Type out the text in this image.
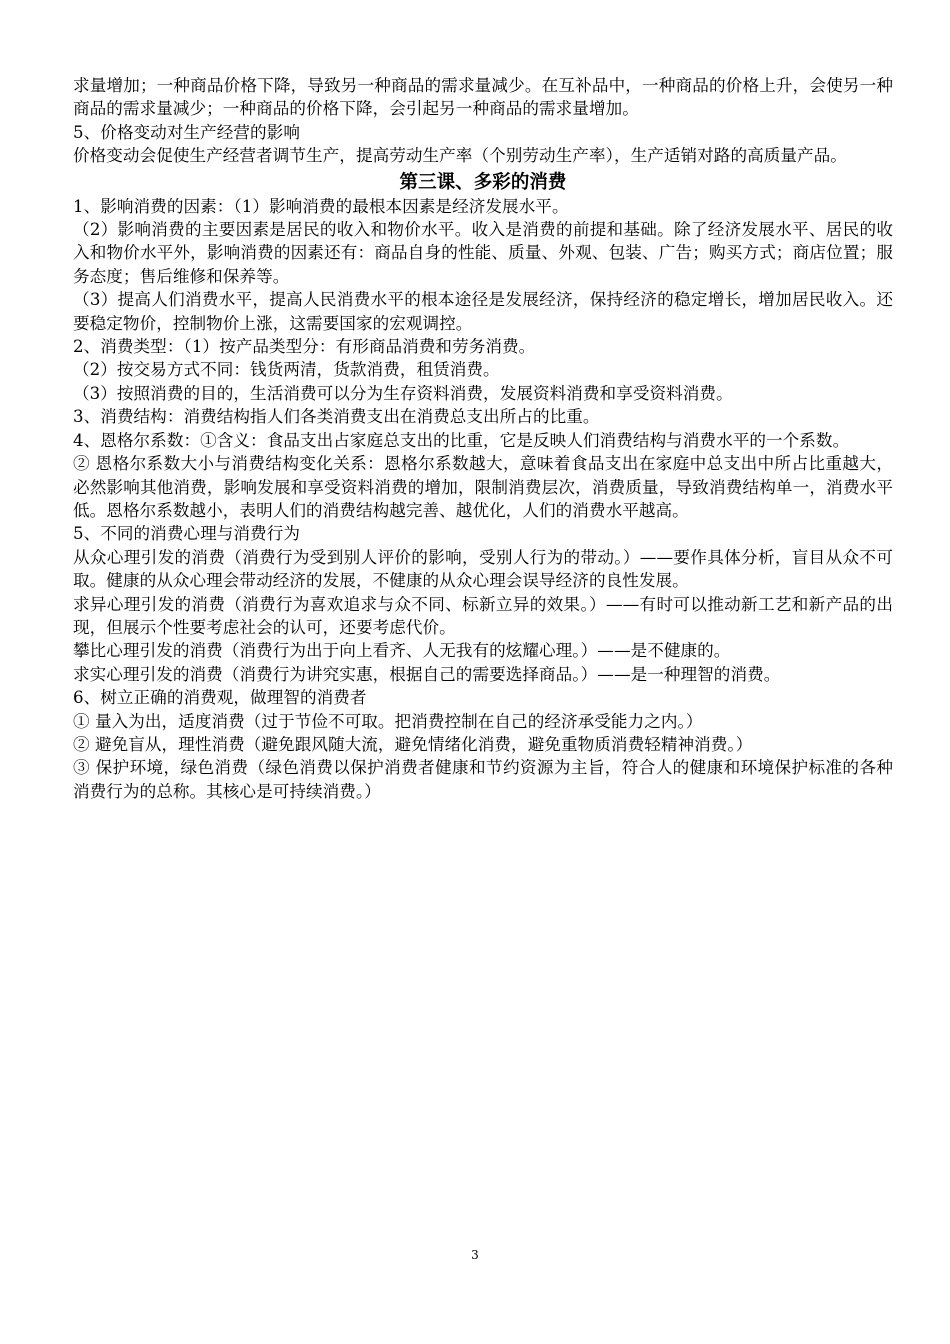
求量增加；一种商品价格下降，导致另一种商品的需求量减少。在互补品中，一种商品的价格上升，会使另一种商品的需求量减少；一种商品的价格下降，会引起另一种商品的需求量增加。

5、价格变动对生产经营的影响

价格变动会促使生产经营者调节生产，提高劳动生产率（个别劳动生产率），生产适销对路的高质量产品。

第三课、多彩的消费

1、影响消费的因素：（1）影响消费的最根本因素是经济发展水平。

（2）影响消费的主要因素是居民的收入和物价水平。收入是消费的前提和基础。除了经济发展水平、居民的收入和物价水平外，影响消费的因素还有：商品自身的性能、质量、外观、包装、广告；购买方式；商店位置；服务态度；售后维修和保养等。

（3）提高人们消费水平，提高人民消费水平的根本途径是发展经济，保持经济的稳定增长，增加居民收入。还要稳定物价，控制物价上涨，这需要国家的宏观调控。

2、消费类型：（1）按产品类型分：有形商品消费和劳务消费。

（2）按交易方式不同：钱货两清，货款消费，租赁消费。

（3）按照消费的目的，生活消费可以分为生存资料消费，发展资料消费和享受资料消费。

3、消费结构：消费结构指人们各类消费支出在消费总支出所占的比重。

4、恩格尔系数：①含义：食品支出占家庭总支出的比重，它是反映人们消费结构与消费水平的一个系数。

② 恩格尔系数大小与消费结构变化关系：恩格尔系数越大，意味着食品支出在家庭中总支出中所占比重越大，必然影响其他消费，影响发展和享受资料消费的增加，限制消费层次，消费质量，导致消费结构单一，消费水平低。恩格尔系数越小，表明人们的消费结构越完善、越优化，人们的消费水平越高。

5、不同的消费心理与消费行为

从众心理引发的消费（消费行为受到别人评价的影响，受别人行为的带动。）——要作具体分析，盲目从众不可取。健康的从众心理会带动经济的发展，不健康的从众心理会误导经济的良性发展。

求异心理引发的消费（消费行为喜欢追求与众不同、标新立异的效果。）——有时可以推动新工艺和新产品的出现，但展示个性要考虑社会的认可，还要考虑代价。

攀比心理引发的消费（消费行为出于向上看齐、人无我有的炫耀心理。）——是不健康的。

求实心理引发的消费（消费行为讲究实惠，根据自己的需要选择商品。）——是一种理智的消费。

6、树立正确的消费观，做理智的消费者

① 量入为出，适度消费（过于节俭不可取。把消费控制在自己的经济承受能力之内。）

② 避免盲从，理性消费（避免跟风随大流，避免情绪化消费，避免重物质消费轻精神消费。）

③ 保护环境，绿色消费（绿色消费以保护消费者健康和节约资源为主旨，符合人的健康和环境保护标准的各种消费行为的总称。其核心是可持续消费。）

3
